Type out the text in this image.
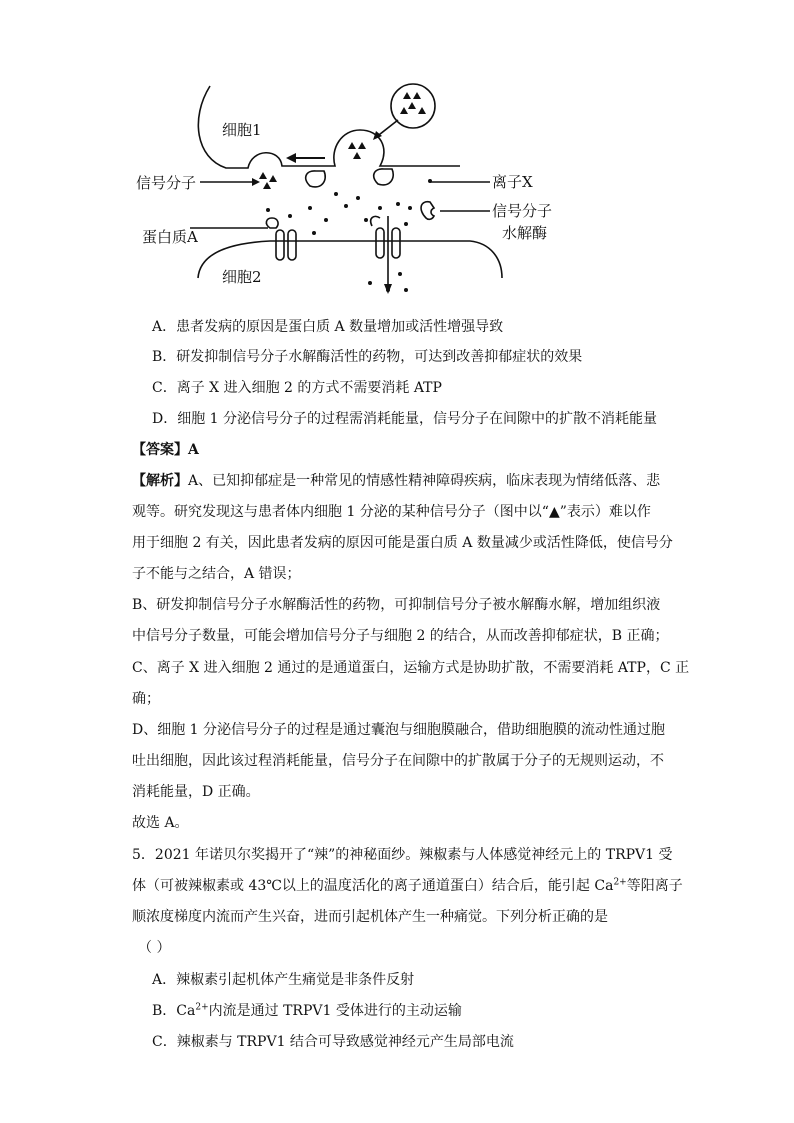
细胞1
信号分子	离子X
蛋白质A
信号分子
水解酶
细胞2
A．患者发病的原因是蛋白质 A 数量增加或活性增强导致
B．研发抑制信号分子水解酶活性的药物，可达到改善抑郁症状的效果
C．离子 X 进入细胞 2 的方式不需要消耗 ATP
D．细胞 1 分泌信号分子的过程需消耗能量，信号分子在间隙中的扩散不消耗能量
【答案】A
【解析】A、已知抑郁症是一种常见的情感性精神障碍疾病，临床表现为情绪低落、悲
观等。研究发现这与患者体内细胞 1 分泌的某种信号分子（图中以“▲”表示）难以作
用于细胞 2 有关，因此患者发病的原因可能是蛋白质 A 数量减少或活性降低，使信号分
子不能与之结合，A 错误；
B、研发抑制信号分子水解酶活性的药物，可抑制信号分子被水解酶水解，增加组织液
中信号分子数量，可能会增加信号分子与细胞 2 的结合，从而改善抑郁症状，B 正确；
C、离子 X 进入细胞 2 通过的是通道蛋白，运输方式是协助扩散，不需要消耗 ATP，C 正
确；
D、细胞 1 分泌信号分子的过程是通过囊泡与细胞膜融合，借助细胞膜的流动性通过胞
吐出细胞，因此该过程消耗能量，信号分子在间隙中的扩散属于分子的无规则运动，不
消耗能量，D 正确。
故选 A。
5．2021 年诺贝尔奖揭开了“辣”的神秘面纱。辣椒素与人体感觉神经元上的 TRPV1 受
体（可被辣椒素或 43℃以上的温度活化的离子通道蛋白）结合后，能引起 $Ca^{2+}$等阳离子
顺浓度梯度内流而产生兴奋，进而引起机体产生一种痛觉。下列分析正确的是
（ ）
A．辣椒素引起机体产生痛觉是非条件反射
B．$Ca^{2+}$内流是通过 TRPV1 受体进行的主动运输
C．辣椒素与 TRPV1 结合可导致感觉神经元产生局部电流
